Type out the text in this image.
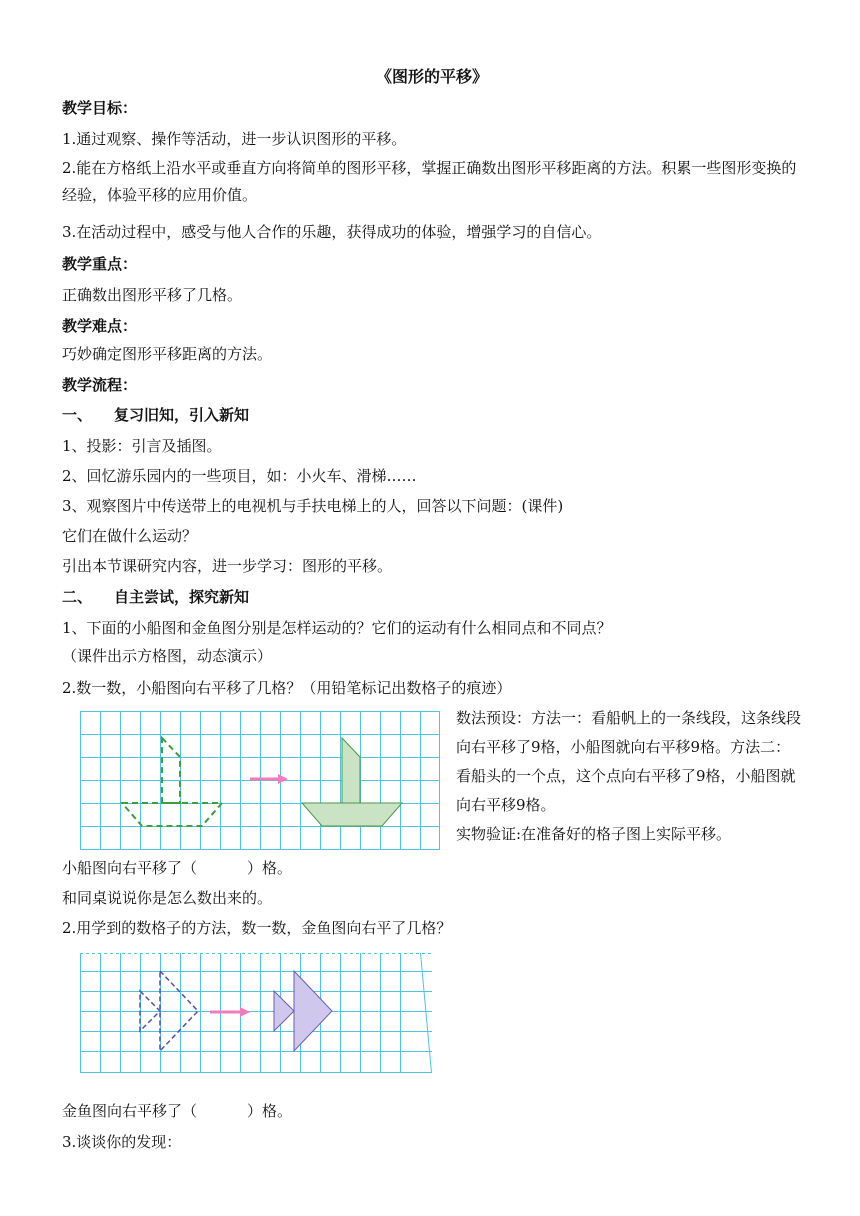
《图形的平移》
教学目标：
1.通过观察、操作等活动，进一步认识图形的平移。
2.能在方格纸上沿水平或垂直方向将简单的图形平移，掌握正确数出图形平移距离的方法。积累一些图形变换的经验，体验平移的应用价值。
3.在活动过程中，感受与他人合作的乐趣，获得成功的体验，增强学习的自信心。
教学重点：
正确数出图形平移了几格。
教学难点：
巧妙确定图形平移距离的方法。
教学流程：
一、 复习旧知，引入新知
1、投影：引言及插图。
2、回忆游乐园内的一些项目，如：小火车、滑梯……
3、观察图片中传送带上的电视机与手扶电梯上的人，回答以下问题：(课件)
它们在做什么运动？
引出本节课研究内容，进一步学习：图形的平移。
二、 自主尝试，探究新知
1、下面的小船图和金鱼图分别是怎样运动的？它们的运动有什么相同点和不同点？
（课件出示方格图，动态演示）
2.数一数，小船图向右平移了几格？（用铅笔标记出数格子的痕迹）
数法预设：方法一：看船帆上的一条线段，这条线段向右平移了9格，小船图就向右平移9格。方法二：看船头的一个点，这个点向右平移了9格，小船图就向右平移9格。
实物验证:在准备好的格子图上实际平移。
小船图向右平移了（	）格。
和同桌说说你是怎么数出来的。
2.用学到的数格子的方法，数一数，金鱼图向右平了几格？
金鱼图向右平移了（	）格。
3.谈谈你的发现：
